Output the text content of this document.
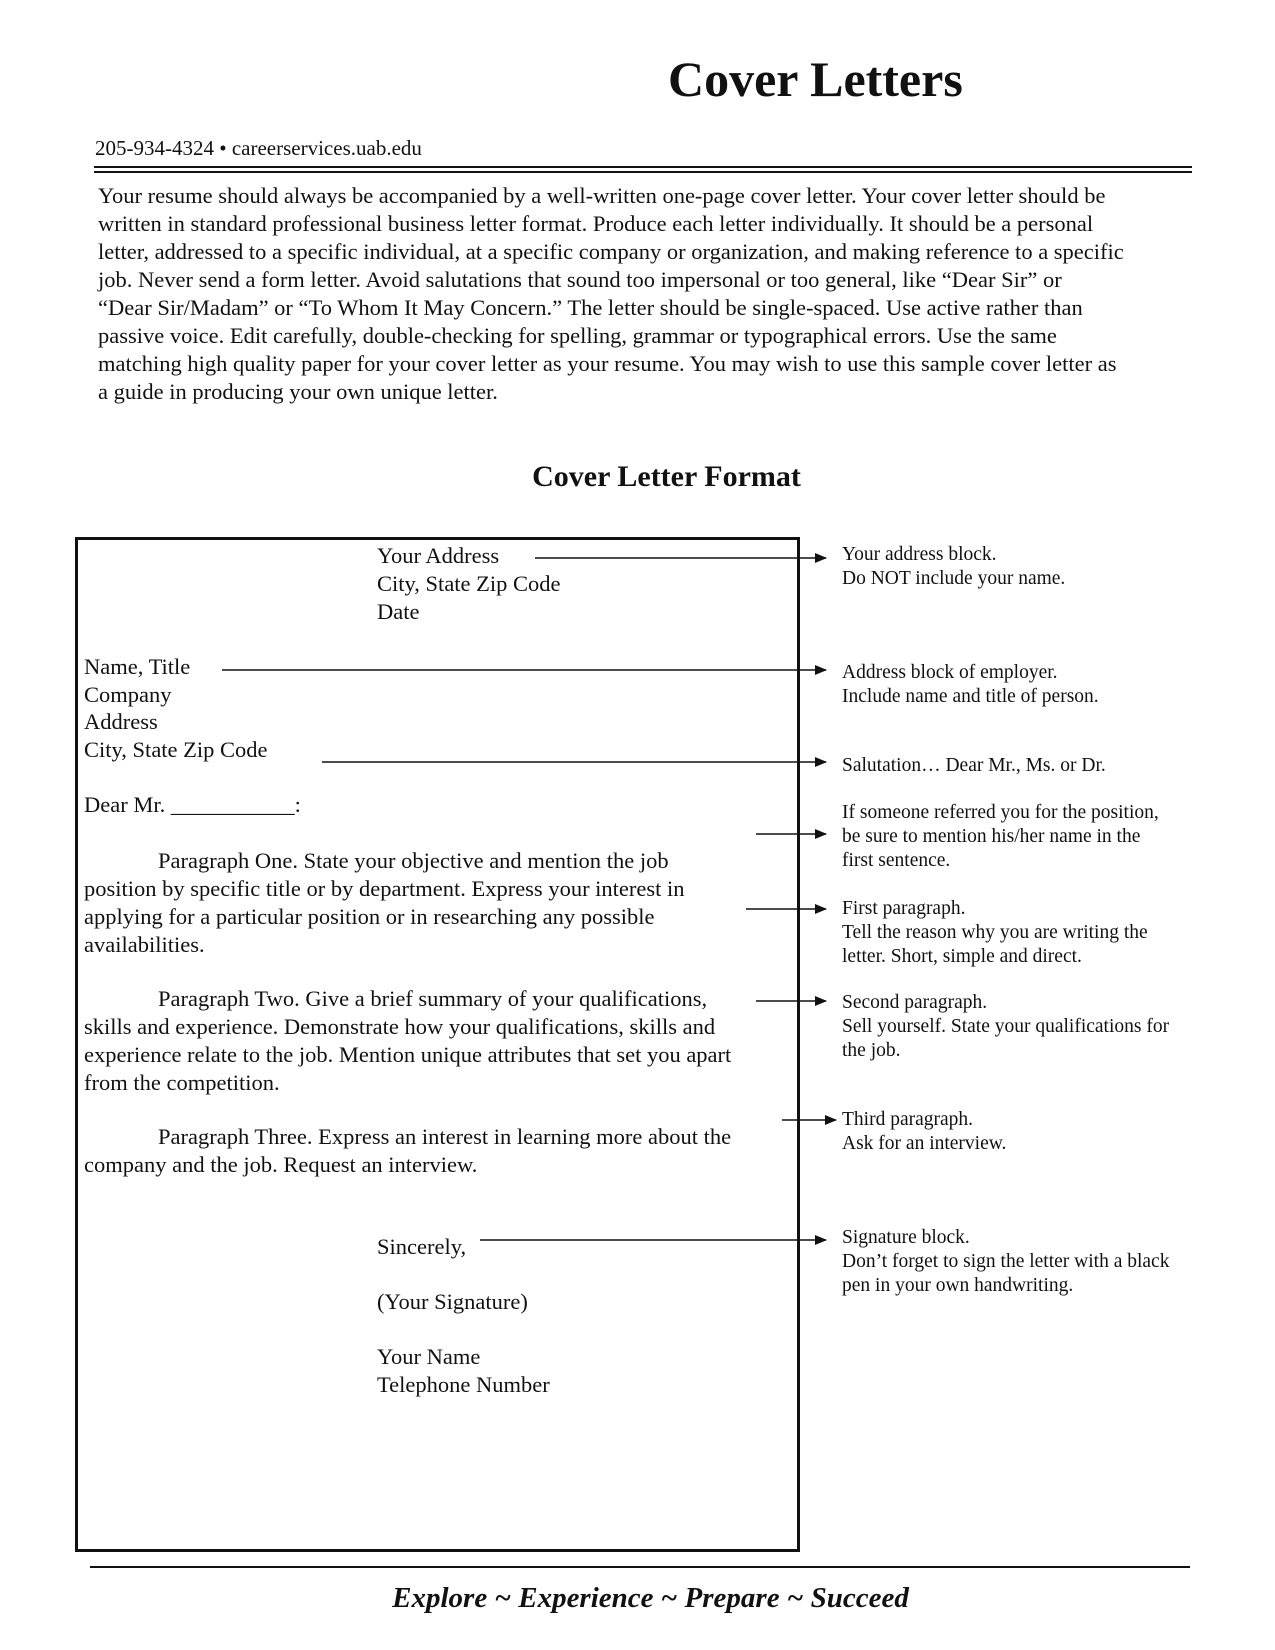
Cover Letters
205-934-4324 • careerservices.uab.edu
Your resume should always be accompanied by a well-written one-page cover letter. Your cover letter should be
written in standard professional business letter format. Produce each letter individually. It should be a personal
letter, addressed to a specific individual, at a specific company or organization, and making reference to a specific
job. Never send a form letter. Avoid salutations that sound too impersonal or too general, like “Dear Sir” or
“Dear Sir/Madam” or “To Whom It May Concern.” The letter should be single-spaced. Use active rather than
passive voice. Edit carefully, double-checking for spelling, grammar or typographical errors. Use the same
matching high quality paper for your cover letter as your resume. You may wish to use this sample cover letter as
a guide in producing your own unique letter.
Cover Letter Format
Your Address
City, State Zip Code
Date
Name, Title
Company
Address
City, State Zip Code
Dear Mr. ___________:
Paragraph One. State your objective and mention the job
position by specific title or by department. Express your interest in
applying for a particular position or in researching any possible
availabilities.
Paragraph Two. Give a brief summary of your qualifications,
skills and experience. Demonstrate how your qualifications, skills and
experience relate to the job. Mention unique attributes that set you apart
from the competition.
Paragraph Three. Express an interest in learning more about the
company and the job. Request an interview.
Sincerely,
(Your Signature)
Your Name
Telephone Number
Your address block.
Do NOT include your name.
Address block of employer.
Include name and title of person.
Salutation… Dear Mr., Ms. or Dr.
If someone referred you for the position,
be sure to mention his/her name in the
first sentence.
First paragraph.
Tell the reason why you are writing the
letter. Short, simple and direct.
Second paragraph.
Sell yourself. State your qualifications for
the job.
Third paragraph.
Ask for an interview.
Signature block.
Don’t forget to sign the letter with a black
pen in your own handwriting.
Explore ~ Experience ~ Prepare ~ Succeed
